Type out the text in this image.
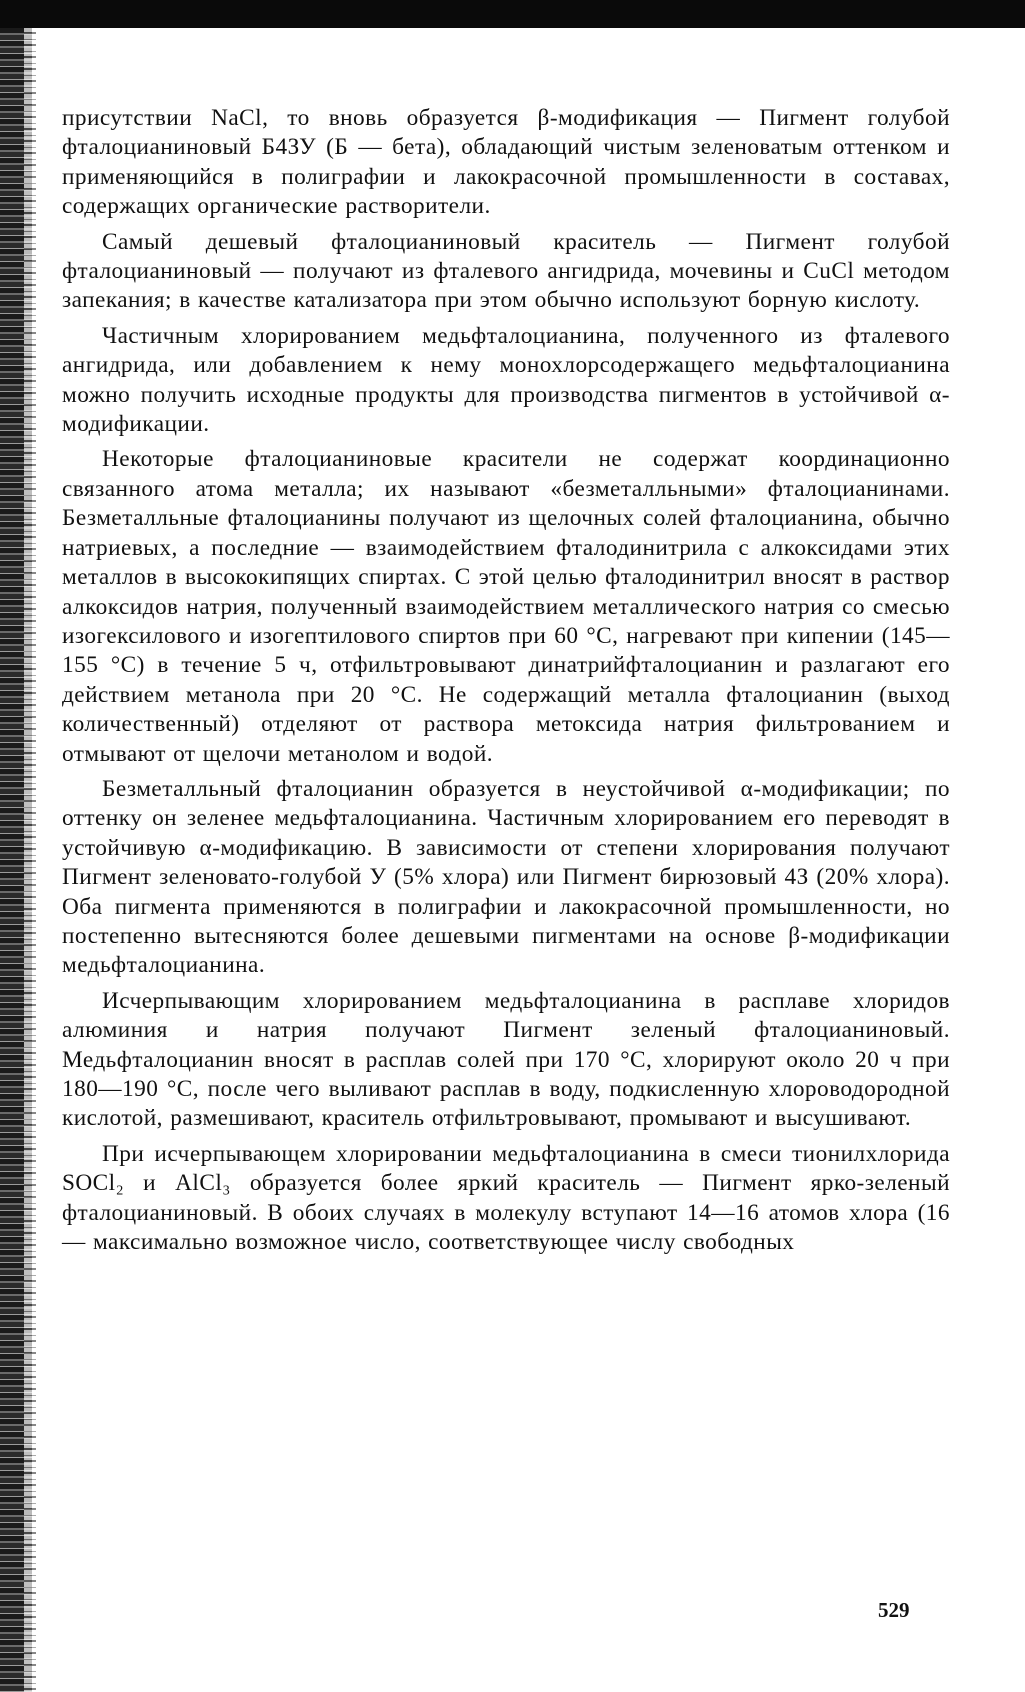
присутствии NaCl, то вновь образуется β-модификация — Пигмент голубой фталоцианиновый Б4ЗУ (Б — бета), обладающий чистым зеленоватым оттенком и применяющийся в полиграфии и лакокрасочной промышленности в составах, содержащих органические растворители.

Самый дешевый фталоцианиновый краситель — Пигмент голубой фталоцианиновый — получают из фталевого ангидрида, мочевины и CuCl методом запекания; в качестве катализатора при этом обычно используют борную кислоту.

Частичным хлорированием медьфталоцианина, полученного из фталевого ангидрида, или добавлением к нему монохлорсодержащего медьфталоцианина можно получить исходные продукты для производства пигментов в устойчивой α-модификации.

Некоторые фталоцианиновые красители не содержат координационно связанного атома металла; их называют «безметалльными» фталоцианинами. Безметалльные фталоцианины получают из щелочных солей фталоцианина, обычно натриевых, а последние — взаимодействием фталодинитрила с алкоксидами этих металлов в высококипящих спиртах. С этой целью фталодинитрил вносят в раствор алкоксидов натрия, полученный взаимодействием металлического натрия со смесью изогексилового и изогептилового спиртов при 60 °С, нагревают при кипении (145—155 °С) в течение 5 ч, отфильтровывают динатрийфталоцианин и разлагают его действием метанола при 20 °С. Не содержащий металла фталоцианин (выход количественный) отделяют от раствора метоксида натрия фильтрованием и отмывают от щелочи метанолом и водой.

Безметалльный фталоцианин образуется в неустойчивой α-модификации; по оттенку он зеленее медьфталоцианина. Частичным хлорированием его переводят в устойчивую α-модификацию. В зависимости от степени хлорирования получают Пигмент зеленовато-голубой У (5% хлора) или Пигмент бирюзовый 4З (20% хлора). Оба пигмента применяются в полиграфии и лакокрасочной промышленности, но постепенно вытесняются более дешевыми пигментами на основе β-модификации медьфталоцианина.

Исчерпывающим хлорированием медьфталоцианина в расплаве хлоридов алюминия и натрия получают Пигмент зеленый фталоцианиновый. Медьфталоцианин вносят в расплав солей при 170 °С, хлорируют около 20 ч при 180—190 °С, после чего выливают расплав в воду, подкисленную хлороводородной кислотой, размешивают, краситель отфильтровывают, промывают и высушивают.

При исчерпывающем хлорировании медьфталоцианина в смеси тионилхлорида SOCl₂ и AlCl₃ образуется более яркий краситель — Пигмент ярко-зеленый фталоцианиновый. В обоих случаях в молекулу вступают 14—16 атомов хлора (16 — максимально возможное число, соответствующее числу свободных

529
